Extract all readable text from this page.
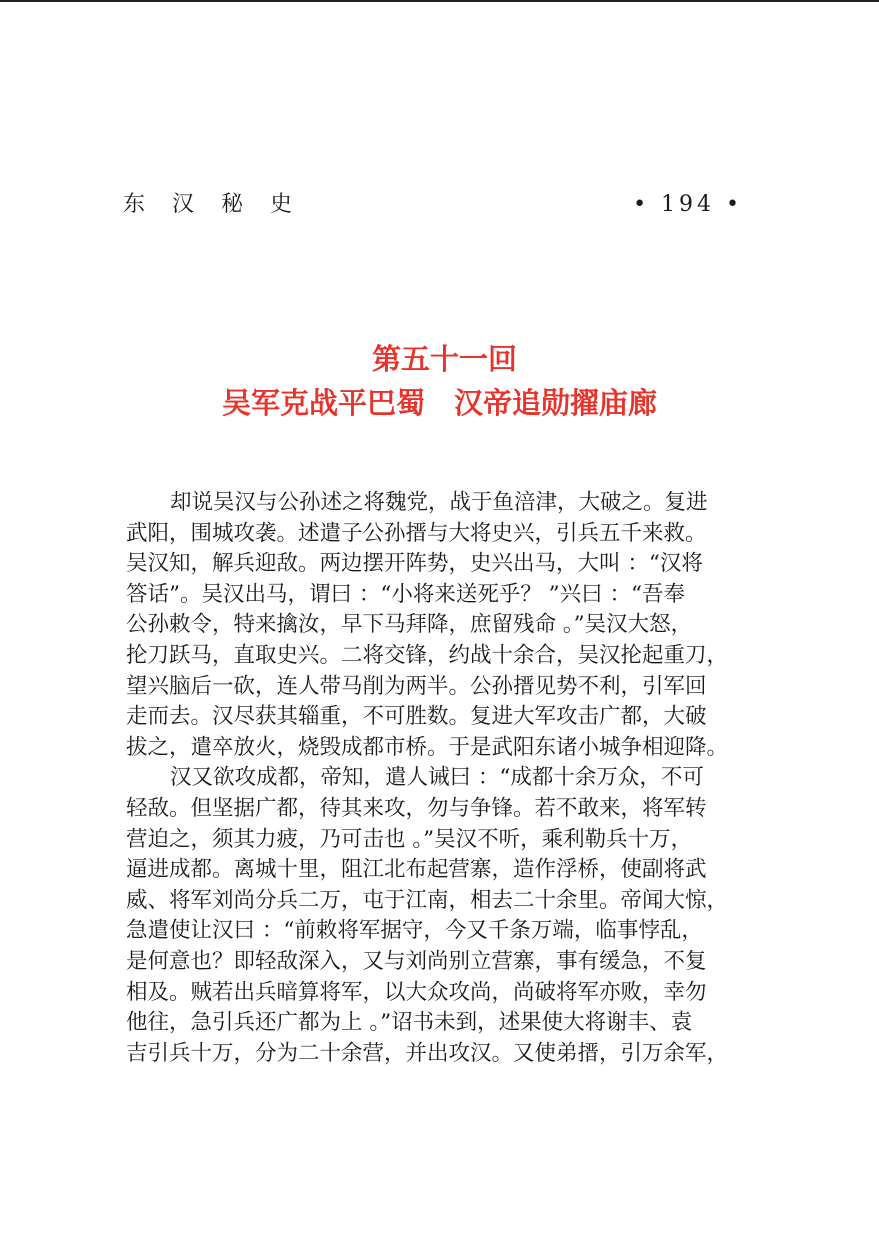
东 汉 秘 史	• 194 •
第五十一回
吴军克战平巴蜀　汉帝追勋擢庙廊
却说吴汉与公孙述之将魏党，战于鱼涪津，大破之。复进
武阳，围城攻袭。述遣子公孙搢与大将史兴，引兵五千来救。
吴汉知，解兵迎敌。两边摆开阵势，史兴出马，大叫 ：“汉将
答话”。吴汉出马，谓曰 ：“小将来送死乎？ ”兴曰 ：“吾奉
公孙敕令，特来擒汝，早下马拜降，庶留残命 。”吴汉大怒，
抡刀跃马，直取史兴。二将交锋，约战十余合，吴汉抡起重刀，
望兴脑后一砍，连人带马削为两半。公孙搢见势不利，引军回
走而去。汉尽获其辎重，不可胜数。复进大军攻击广都，大破
拔之，遣卒放火，烧毁成都市桥。于是武阳东诸小城争相迎降。
汉又欲攻成都，帝知，遣人诫曰 ：“成都十余万众，不可
轻敌。但坚据广都，待其来攻，勿与争锋。若不敢来，将军转
营迫之，须其力疲，乃可击也 。”吴汉不听，乘利勒兵十万，
逼进成都。离城十里，阻江北布起营寨，造作浮桥，使副将武
威、将军刘尚分兵二万，屯于江南，相去二十余里。帝闻大惊，
急遣使让汉曰 ：“前敕将军据守，今又千条万端，临事悖乱，
是何意也？即轻敌深入，又与刘尚别立营寨，事有缓急，不复
相及。贼若出兵暗算将军，以大众攻尚，尚破将军亦败，幸勿
他往，急引兵还广都为上 。”诏书未到，述果使大将谢丰、袁
吉引兵十万，分为二十余营，并出攻汉。又使弟搢，引万余军，
